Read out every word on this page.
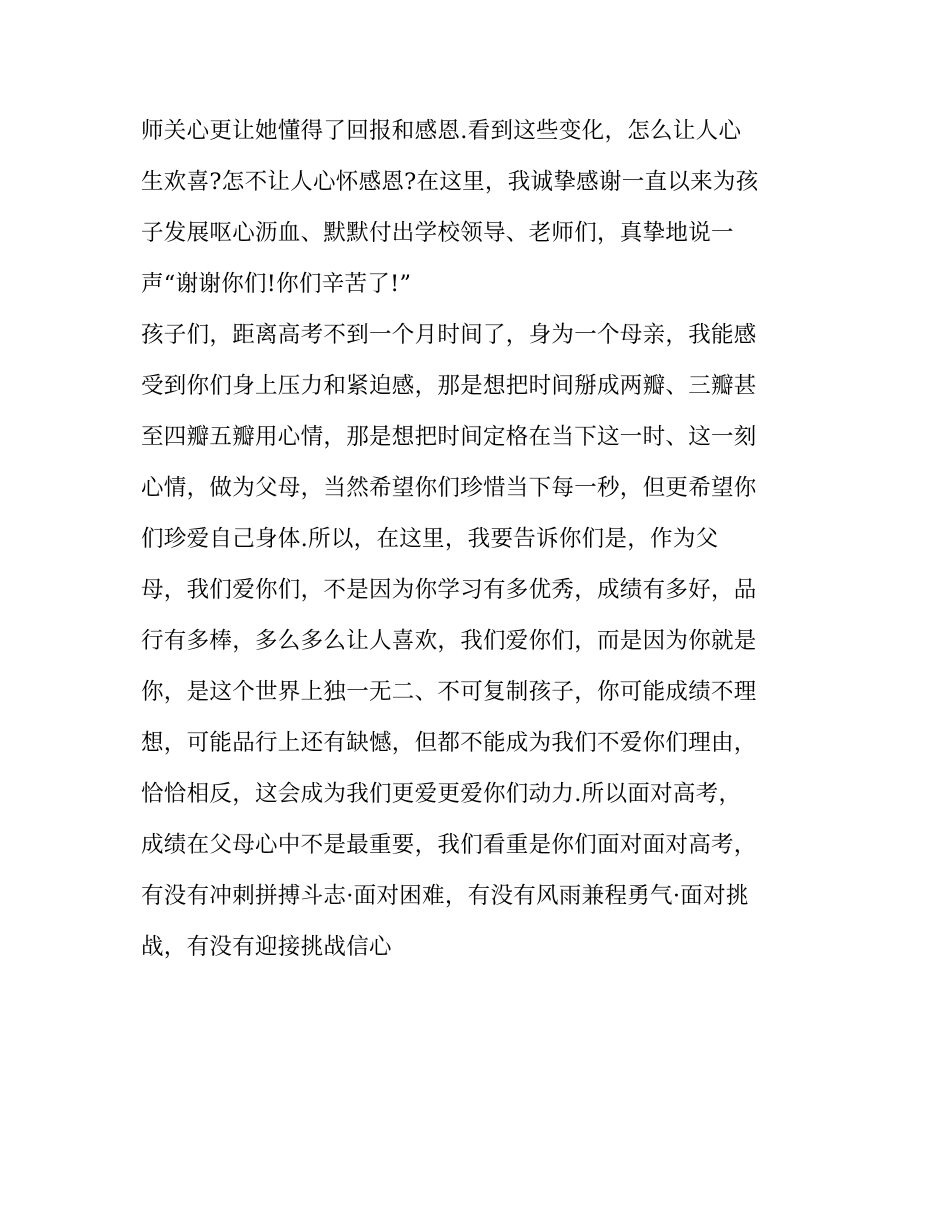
师关心更让她懂得了回报和感恩.看到这些变化，怎么让人心
生欢喜?怎不让人心怀感恩?在这里，我诚挚感谢一直以来为孩
子发展呕心沥血、默默付出学校领导、老师们，真挚地说一
声“谢谢你们!你们辛苦了!”
孩子们，距离高考不到一个月时间了，身为一个母亲，我能感
受到你们身上压力和紧迫感，那是想把时间掰成两瓣、三瓣甚
至四瓣五瓣用心情，那是想把时间定格在当下这一时、这一刻
心情，做为父母，当然希望你们珍惜当下每一秒，但更希望你
们珍爱自己身体.所以，在这里，我要告诉你们是，作为父
母，我们爱你们，不是因为你学习有多优秀，成绩有多好，品
行有多棒，多么多么让人喜欢，我们爱你们，而是因为你就是
你，是这个世界上独一无二、不可复制孩子，你可能成绩不理
想，可能品行上还有缺憾，但都不能成为我们不爱你们理由，
恰恰相反，这会成为我们更爱更爱你们动力.所以面对高考，
成绩在父母心中不是最重要，我们看重是你们面对面对高考，
有没有冲刺拼搏斗志·面对困难，有没有风雨兼程勇气·面对挑
战，有没有迎接挑战信心
